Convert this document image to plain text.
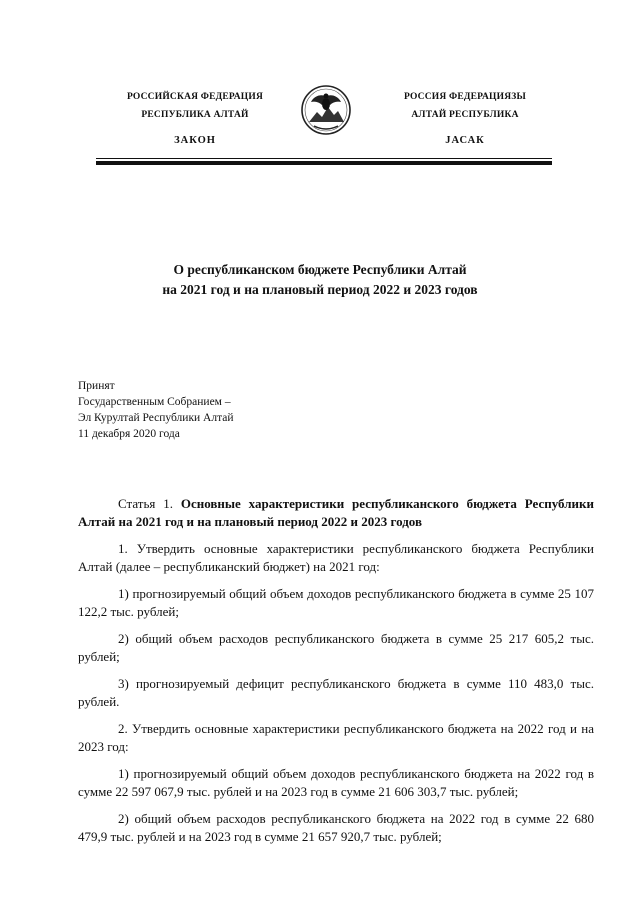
РОССИЙСКАЯ ФЕДЕРАЦИЯ
РЕСПУБЛИКА АЛТАЙ
ЗАКОН
РОССИЯ ФЕДЕРАЦИЯЗЫ
АЛТАЙ РЕСПУБЛИКА
ЈАСАК
О республиканском бюджете Республики Алтай
на 2021 год и на плановый период 2022 и 2023 годов
Принят
Государственным Собранием –
Эл Курултай Республики Алтай
11 декабря 2020 года

Статья 1. Основные характеристики республиканского бюджета Республики Алтай на 2021 год и на плановый период 2022 и 2023 годов

1. Утвердить основные характеристики республиканского бюджета Республики Алтай (далее – республиканский бюджет) на 2021 год:

1) прогнозируемый общий объем доходов республиканского бюджета в сумме 25 107 122,2 тыс. рублей;

2) общий объем расходов республиканского бюджета в сумме 25 217 605,2 тыс. рублей;

3) прогнозируемый дефицит республиканского бюджета в сумме 110 483,0 тыс. рублей.

2. Утвердить основные характеристики республиканского бюджета на 2022 год и на 2023 год:

1) прогнозируемый общий объем доходов республиканского бюджета на 2022 год в сумме 22 597 067,9 тыс. рублей и на 2023 год в сумме 21 606 303,7 тыс. рублей;

2) общий объем расходов республиканского бюджета на 2022 год в сумме 22 680 479,9 тыс. рублей и на 2023 год в сумме 21 657 920,7 тыс. рублей;
